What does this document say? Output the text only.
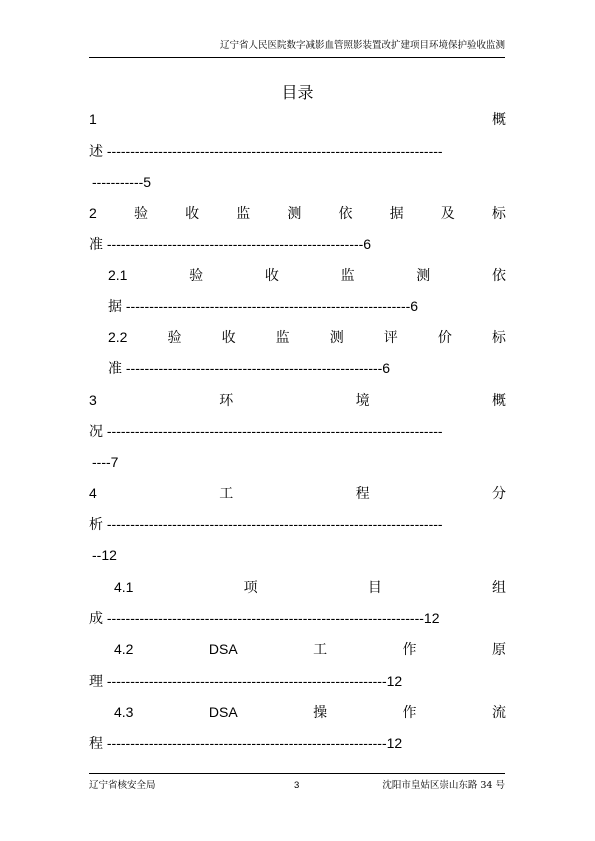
辽宁省人民医院数字减影血管照影装置改扩建项目环境保护验收监测
目录
1	概
述 ------------------------------------------------------------------------
-----------5
2	验	收	监	测	依	据	及	标
准 -------------------------------------------------------6
2.1	验	收	监	测	依
据 -------------------------------------------------------------6
2.2	验	收	监	测	评	价	标
准 -------------------------------------------------------6
3	环	境	概
况 ------------------------------------------------------------------------
----7
4	工	程	分
析 ------------------------------------------------------------------------
--12
4.1	项	目	组
成 --------------------------------------------------------------------12
4.2	DSA	工	作	原
理 ------------------------------------------------------------12
4.3	DSA	操	作	流
程 ------------------------------------------------------------12
辽宁省核安全局	3	沈阳市皇姑区崇山东路 34 号
